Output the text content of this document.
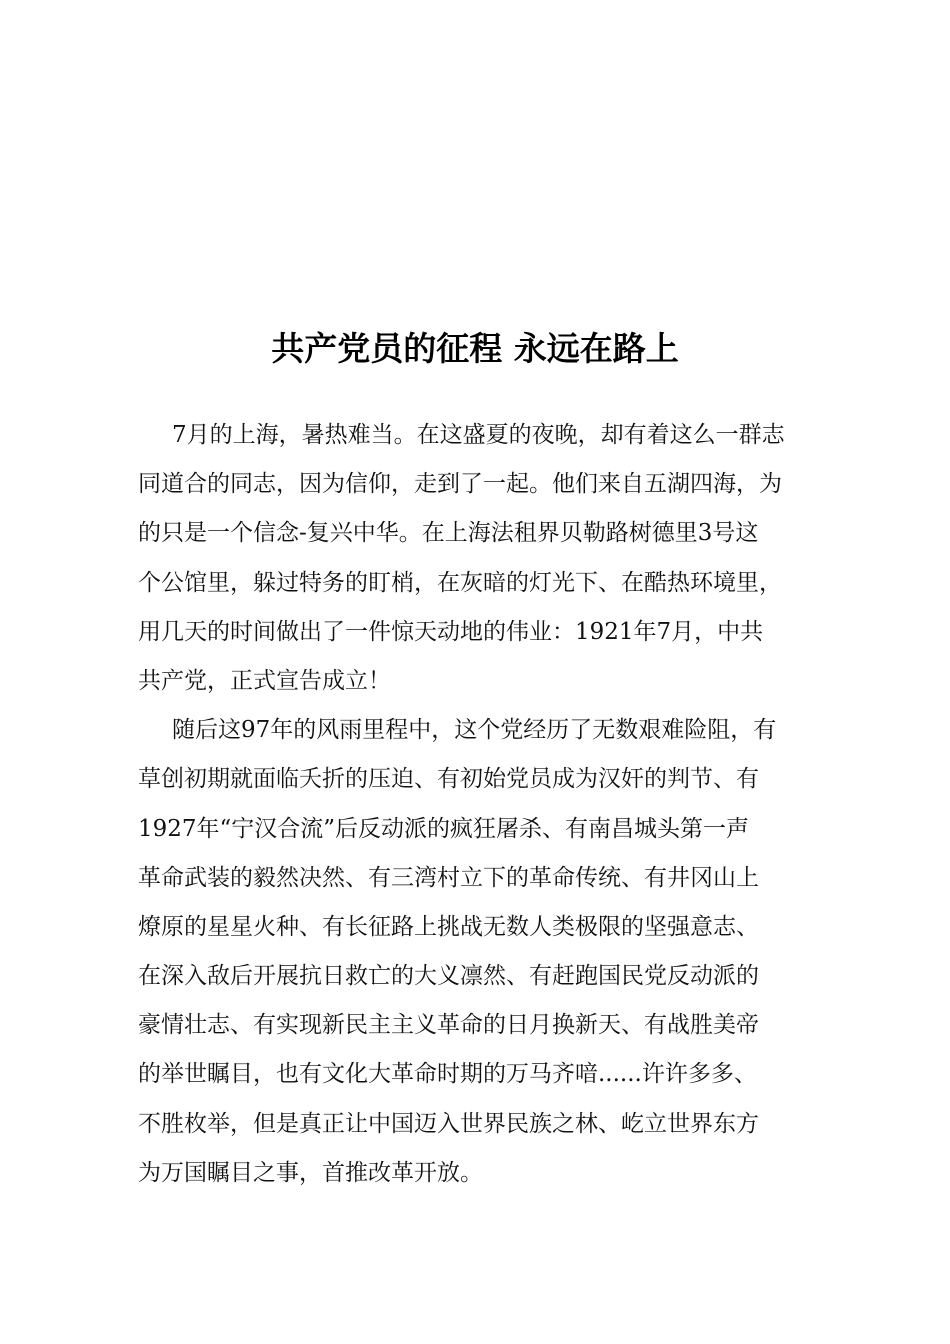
共产党员的征程 永远在路上
7月的上海，暑热难当。在这盛夏的夜晚，却有着这么一群志
同道合的同志，因为信仰，走到了一起。他们来自五湖四海，为
的只是一个信念-复兴中华。在上海法租界贝勒路树德里3号这
个公馆里，躲过特务的盯梢，在灰暗的灯光下、在酷热环境里，
用几天的时间做出了一件惊天动地的伟业：1921年7月，中共
共产党，正式宣告成立！
随后这97年的风雨里程中，这个党经历了无数艰难险阻，有
草创初期就面临夭折的压迫、有初始党员成为汉奸的判节、有
1927年“宁汉合流”后反动派的疯狂屠杀、有南昌城头第一声
革命武装的毅然决然、有三湾村立下的革命传统、有井冈山上
燎原的星星火种、有长征路上挑战无数人类极限的坚强意志、
在深入敌后开展抗日救亡的大义凛然、有赶跑国民党反动派的
豪情壮志、有实现新民主主义革命的日月换新天、有战胜美帝
的举世瞩目，也有文化大革命时期的万马齐喑......许许多多、
不胜枚举，但是真正让中国迈入世界民族之林、屹立世界东方
为万国瞩目之事，首推改革开放。
